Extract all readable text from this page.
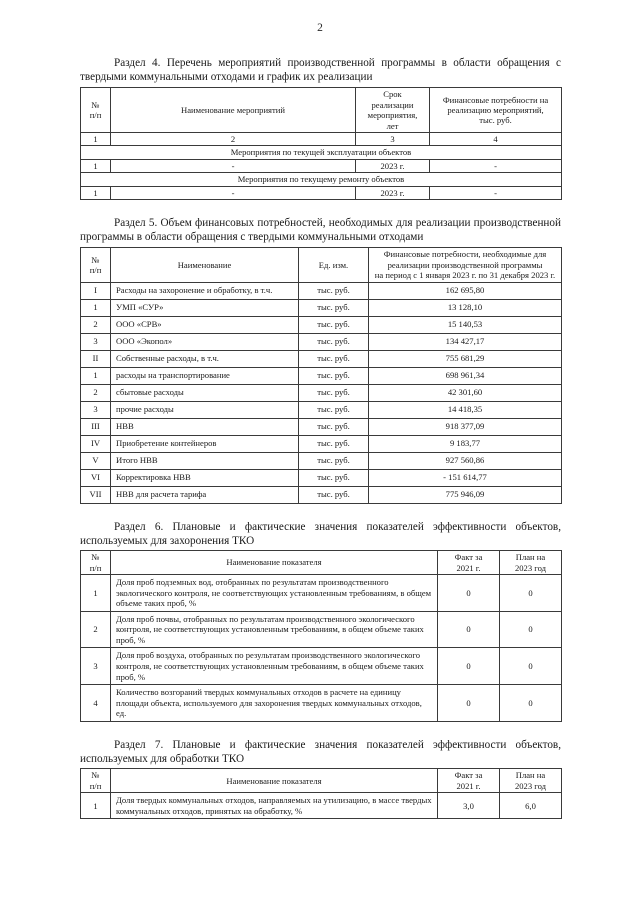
2

Раздел 4. Перечень мероприятий производственной программы в области обращения с твердыми коммунальными отходами и график их реализации

№
п/п	Наименование мероприятий	Срок
реализации
мероприятия,
лет	Финансовые потребности на
реализацию мероприятий,
тыс. руб.
1	2	3	4
Мероприятия по текущей эксплуатации объектов			
1	-	2023 г.	-
Мероприятия по текущему ремонту объектов			
1	-	2023 г.	-

Раздел 5. Объем финансовых потребностей, необходимых для реализации производственной программы в области обращения с твердыми коммунальными отходами

№
п/п	Наименование	Ед. изм.	Финансовые потребности, необходимые для
реализации производственной программы
на период с 1 января 2023 г. по 31 декабря 2023 г.
I	Расходы на захоронение и обработку, в т.ч.	тыс. руб.	162 695,80
1	УМП «СУР»	тыс. руб.	13 128,10
2	ООО «СРВ»	тыс. руб.	15 140,53
3	ООО «Экопол»	тыс. руб.	134 427,17
II	Собственные расходы, в т.ч.	тыс. руб.	755 681,29
1	расходы на транспортирование	тыс. руб.	698 961,34
2	сбытовые расходы	тыс. руб.	42 301,60
3	прочие расходы	тыс. руб.	14 418,35
III	НВВ	тыс. руб.	918 377,09
IV	Приобретение контейнеров	тыс. руб.	9 183,77
V	Итого НВВ	тыс. руб.	927 560,86
VI	Корректировка НВВ	тыс. руб.	- 151 614,77
VII	НВВ для расчета тарифа	тыс. руб.	775 946,09

Раздел 6. Плановые и фактические значения показателей эффективности объектов, используемых для захоронения ТКО

№
п/п	Наименование показателя	Факт за
2021 г.	План на
2023 год
1	Доля проб подземных вод, отобранных по результатам производственного экологического контроля, не соответствующих установленным требованиям, в общем объеме таких проб, %	0	0
2	Доля проб почвы, отобранных по результатам производственного экологического контроля, не соответствующих установленным требованиям, в общем объеме таких проб, %	0	0
3	Доля проб воздуха, отобранных по результатам производственного экологического контроля, не соответствующих установленным требованиям, в общем объеме таких проб, %	0	0
4	Количество возгораний твердых коммунальных отходов в расчете на единицу площади объекта, используемого для захоронения твердых коммунальных отходов, ед.	0	0

Раздел 7. Плановые и фактические значения показателей эффективности объектов, используемых для обработки ТКО

№
п/п	Наименование показателя	Факт за
2021 г.	План на
2023 год
1	Доля твердых коммунальных отходов, направляемых на утилизацию, в массе твердых коммунальных отходов, принятых на обработку, %	3,0	6,0
